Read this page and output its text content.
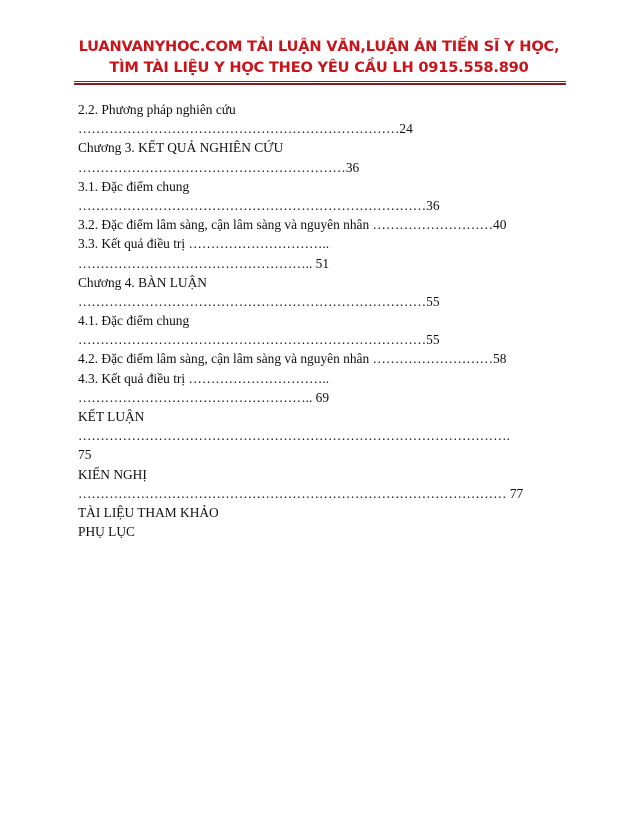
LUANVANYHOC.COM TẢI LUẬN VĂN,LUẬN ÁN TIẾN SĨ Y HỌC,
TÌM TÀI LIỆU Y HỌC THEO YÊU CẦU LH 0915.558.890
2.2. Phương pháp nghiên cứu
………………………………………………………………24
Chương 3. KẾT QUẢ NGHIÊN CỨU
……………………………………………………36
3.1. Đặc điểm chung
……………………………………………………………………36
3.2. Đặc điểm lâm sàng, cận lâm sàng và nguyên nhân ………………………40
3.3. Kết quả điều trị …………………………..
…………………………………………….. 51
Chương 4. BÀN LUẬN
……………………………………………………………………55
4.1. Đặc điểm chung
……………………………………………………………………55
4.2. Đặc điểm lâm sàng, cận lâm sàng và nguyên nhân ………………………58
4.3. Kết quả điều trị …………………………..
…………………………………………….. 69
KẾT LUẬN
…………………………………………………………………………………….
75
KIẾN NGHỊ
…………………………………………………………………………………… 77
TÀI LIỆU THAM KHẢO
PHỤ LỤC
